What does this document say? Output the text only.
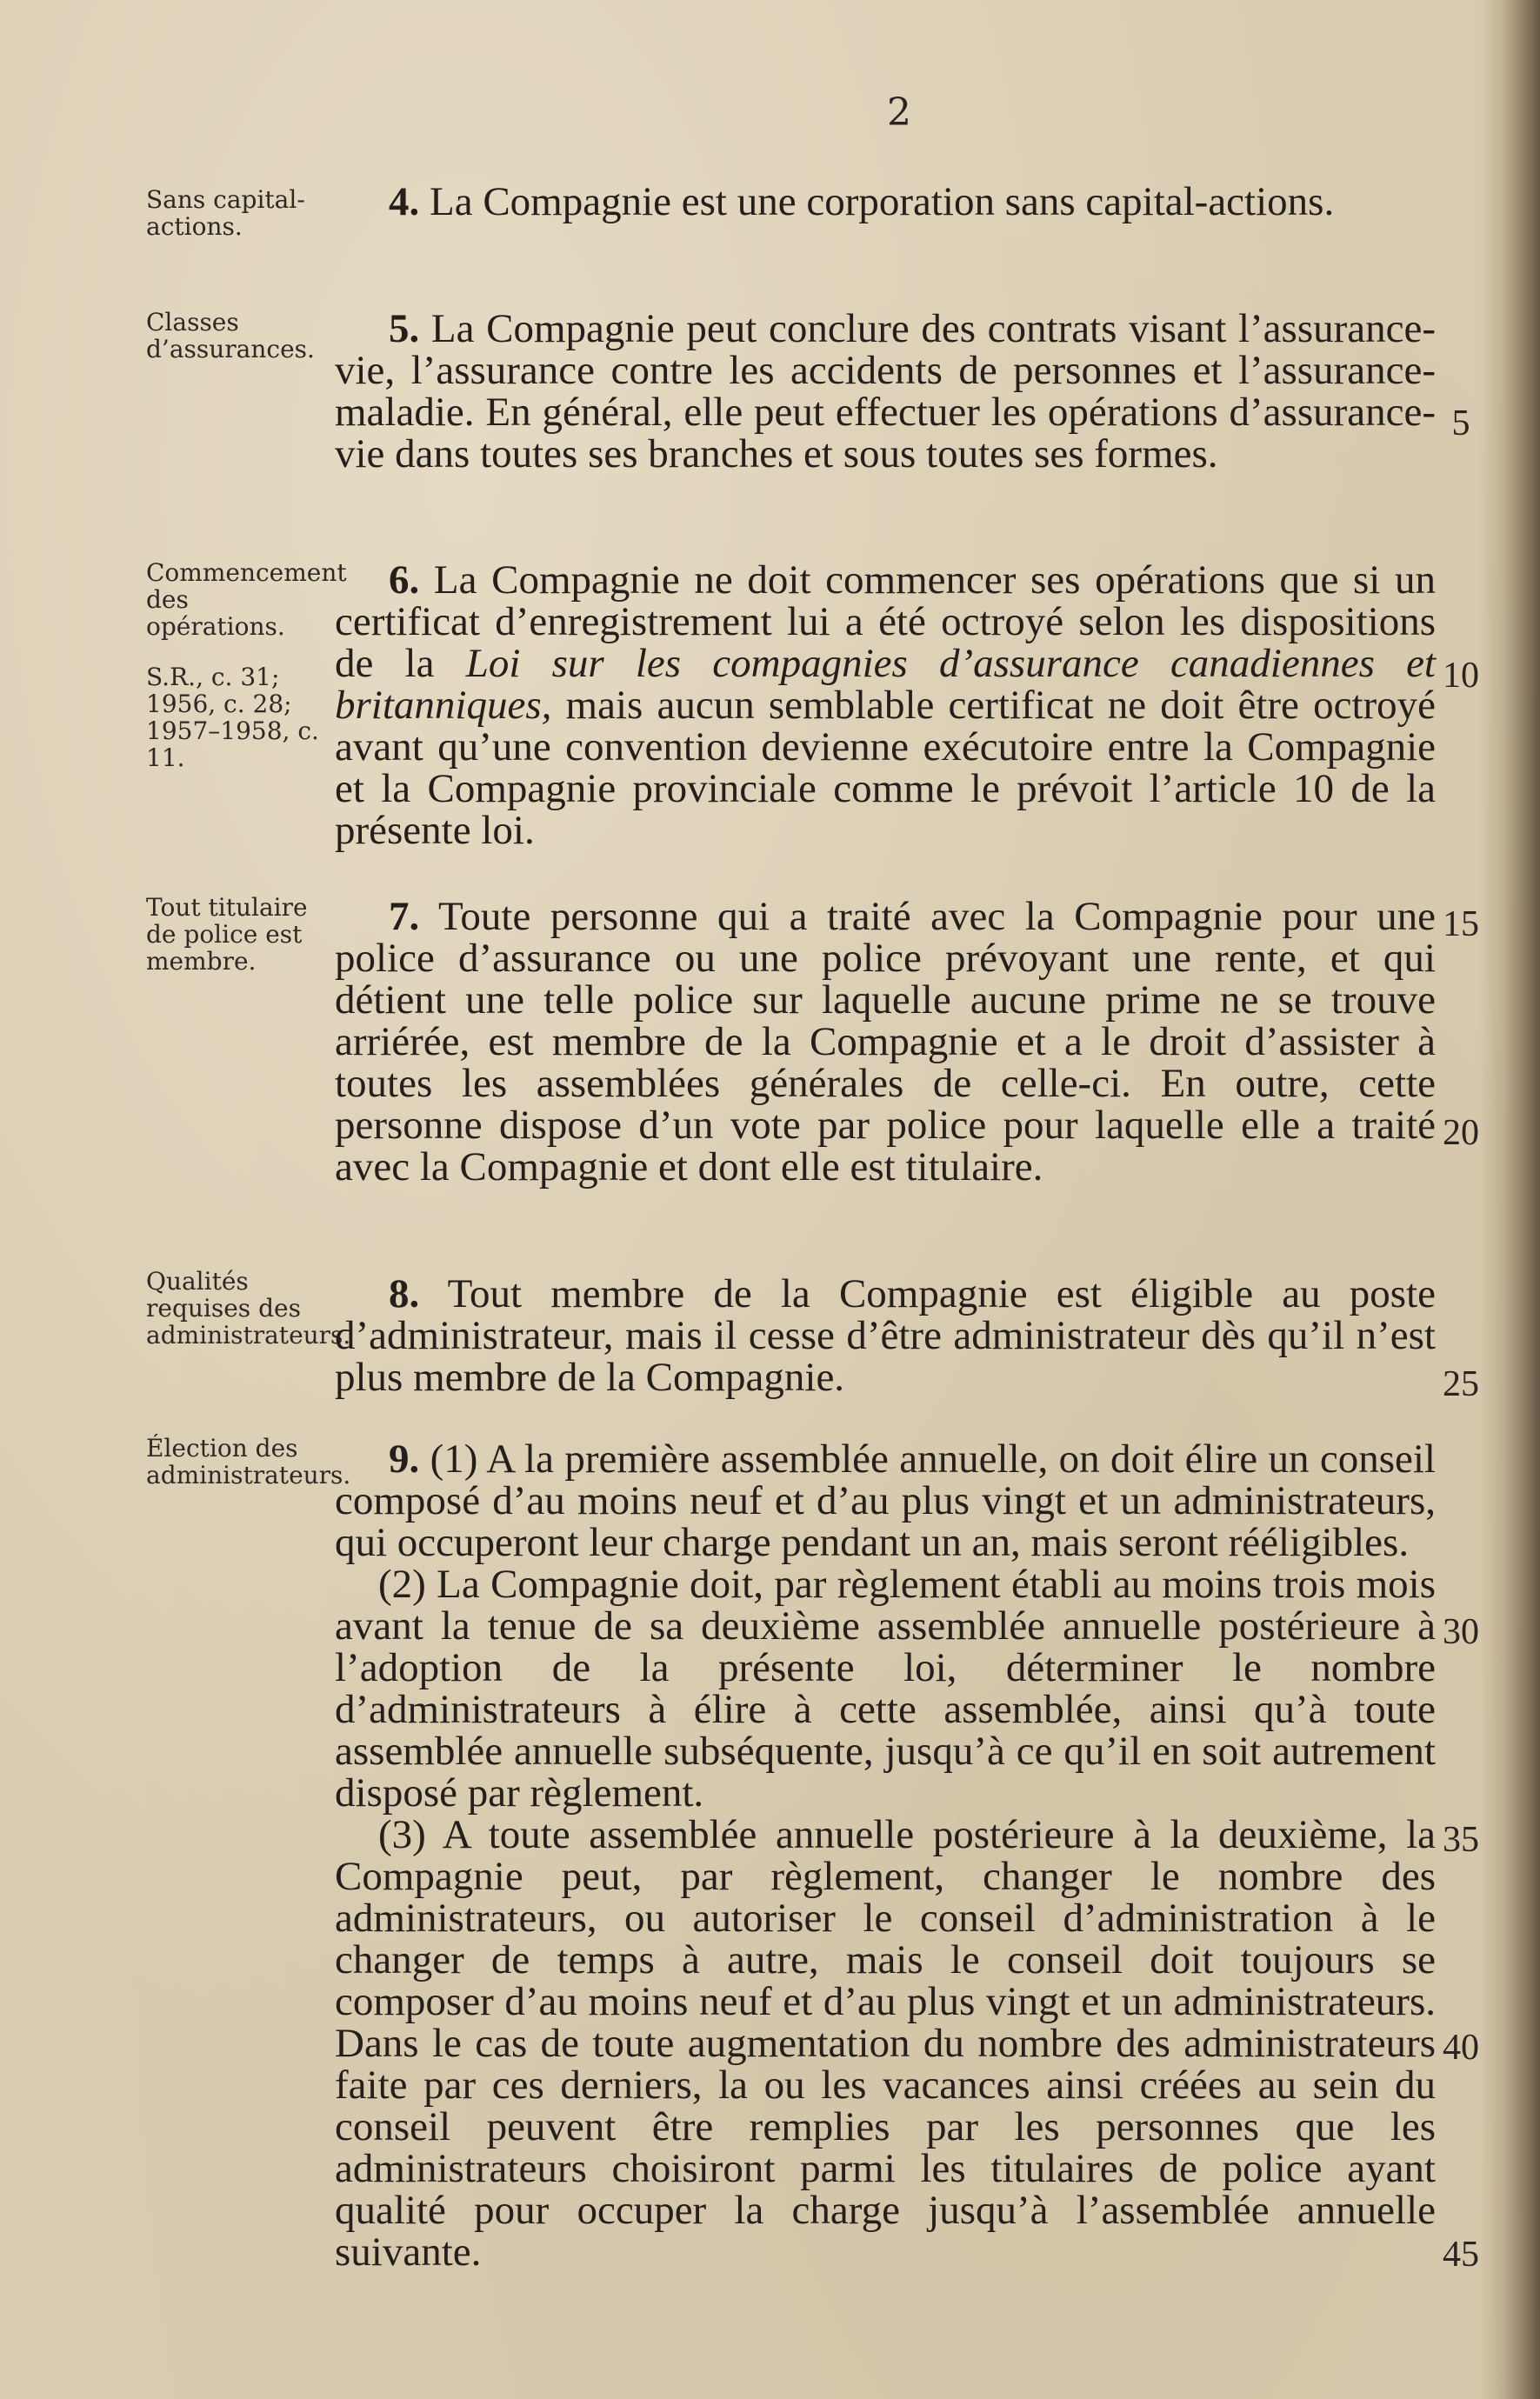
2
Sans capital-actions.
Classes d’assurances.
Commencement des opérations.
S.R., c. 31; 1956, c. 28; 1957–1958, c. 11.
Tout titulaire de police est membre.
Qualités requises des administrateurs.
Élection des administrateurs.
4. La Compagnie est une corporation sans capital-actions.
5. La Compagnie peut conclure des contrats visant l’assurance-vie, l’assurance contre les accidents de personnes et l’assurance-maladie. En général, elle peut effectuer les opérations d’assurance-vie dans toutes ses branches et sous toutes ses formes.
6. La Compagnie ne doit commencer ses opérations que si un certificat d’enregistrement lui a été octroyé selon les dispositions de la Loi sur les compagnies d’assurance canadiennes et britanniques, mais aucun semblable certificat ne doit être octroyé avant qu’une convention devienne exécutoire entre la Compagnie et la Compagnie provinciale comme le prévoit l’article 10 de la présente loi.
7. Toute personne qui a traité avec la Compagnie pour une police d’assurance ou une police prévoyant une rente, et qui détient une telle police sur laquelle aucune prime ne se trouve arriérée, est membre de la Compagnie et a le droit d’assister à toutes les assemblées générales de celle-ci. En outre, cette personne dispose d’un vote par police pour laquelle elle a traité avec la Compagnie et dont elle est titulaire.
8. Tout membre de la Compagnie est éligible au poste d’administrateur, mais il cesse d’être administrateur dès qu’il n’est plus membre de la Compagnie.
9. (1) A la première assemblée annuelle, on doit élire un conseil composé d’au moins neuf et d’au plus vingt et un administrateurs, qui occuperont leur charge pendant un an, mais seront rééligibles.
(2) La Compagnie doit, par règlement établi au moins trois mois avant la tenue de sa deuxième assemblée annuelle postérieure à l’adoption de la présente loi, déterminer le nombre d’administrateurs à élire à cette assemblée, ainsi qu’à toute assemblée annuelle subséquente, jusqu’à ce qu’il en soit autrement disposé par règlement.
(3) A toute assemblée annuelle postérieure à la deuxième, la Compagnie peut, par règlement, changer le nombre des administrateurs, ou autoriser le conseil d’administration à le changer de temps à autre, mais le conseil doit toujours se composer d’au moins neuf et d’au plus vingt et un administrateurs. Dans le cas de toute augmentation du nombre des administrateurs faite par ces derniers, la ou les vacances ainsi créées au sein du conseil peuvent être remplies par les personnes que les administrateurs choisiront parmi les titulaires de police ayant qualité pour occuper la charge jusqu’à l’assemblée annuelle suivante.
5
10
15
20
25
30
35
40
45
